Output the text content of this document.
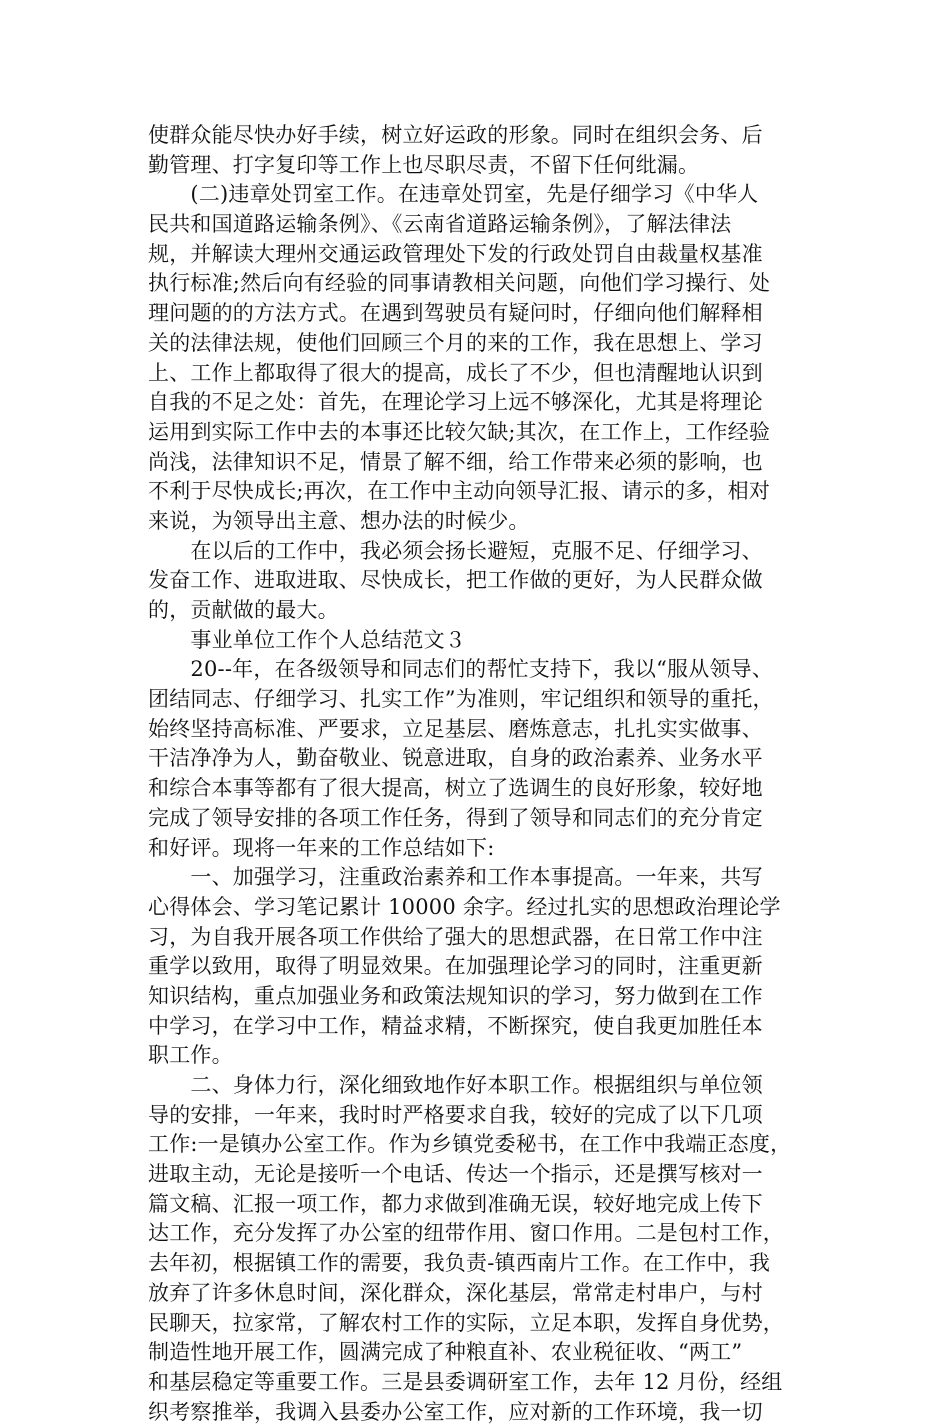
使群众能尽快办好手续，树立好运政的形象。同时在组织会务、后
勤管理、打字复印等工作上也尽职尽责，不留下任何纰漏。
　　(二)违章处罚室工作。在违章处罚室，先是仔细学习《中华人
民共和国道路运输条例》、《云南省道路运输条例》，了解法律法
规，并解读大理州交通运政管理处下发的行政处罚自由裁量权基准
执行标准;然后向有经验的同事请教相关问题，向他们学习操行、处
理问题的的方法方式。在遇到驾驶员有疑问时，仔细向他们解释相
关的法律法规，使他们回顾三个月的来的工作，我在思想上、学习
上、工作上都取得了很大的提高，成长了不少，但也清醒地认识到
自我的不足之处：首先，在理论学习上远不够深化，尤其是将理论
运用到实际工作中去的本事还比较欠缺;其次，在工作上，工作经验
尚浅，法律知识不足，情景了解不细，给工作带来必须的影响，也
不利于尽快成长;再次，在工作中主动向领导汇报、请示的多，相对
来说，为领导出主意、想办法的时候少。
　　在以后的工作中，我必须会扬长避短，克服不足、仔细学习、
发奋工作、进取进取、尽快成长，把工作做的更好，为人民群众做
的，贡献做的最大。
　　事业单位工作个人总结范文３
　　20--年，在各级领导和同志们的帮忙支持下，我以“服从领导、
团结同志、仔细学习、扎实工作”为准则，牢记组织和领导的重托，
始终坚持高标准、严要求，立足基层、磨炼意志，扎扎实实做事、
干洁净净为人，勤奋敬业、锐意进取，自身的政治素养、业务水平
和综合本事等都有了很大提高，树立了选调生的良好形象，较好地
完成了领导安排的各项工作任务，得到了领导和同志们的充分肯定
和好评。现将一年来的工作总结如下:
　　一、加强学习，注重政治素养和工作本事提高。一年来，共写
心得体会、学习笔记累计 10000 余字。经过扎实的思想政治理论学
习，为自我开展各项工作供给了强大的思想武器，在日常工作中注
重学以致用，取得了明显效果。在加强理论学习的同时，注重更新
知识结构，重点加强业务和政策法规知识的学习，努力做到在工作
中学习，在学习中工作，精益求精，不断探究，使自我更加胜任本
职工作。
　　二、身体力行，深化细致地作好本职工作。根据组织与单位领
导的安排，一年来，我时时严格要求自我，较好的完成了以下几项
工作:一是镇办公室工作。作为乡镇党委秘书，在工作中我端正态度，
进取主动，无论是接听一个电话、传达一个指示，还是撰写核对一
篇文稿、汇报一项工作，都力求做到准确无误，较好地完成上传下
达工作，充分发挥了办公室的纽带作用、窗口作用。二是包村工作，
去年初，根据镇工作的需要，我负责-镇西南片工作。在工作中，我
放弃了许多休息时间，深化群众，深化基层，常常走村串户，与村
民聊天，拉家常，了解农村工作的实际，立足本职，发挥自身优势，
制造性地开展工作，圆满完成了种粮直补、农业税征收、“两工”
和基层稳定等重要工作。三是县委调研室工作，去年 12 月份，经组
织考察推举，我调入县委办公室工作，应对新的工作环境，我一切
